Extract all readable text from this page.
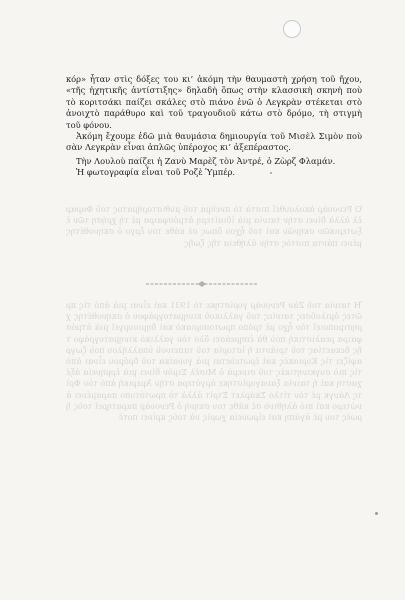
Ὁ Ρενουὰρ ἀκολουθεῖ πιστὰ τὸ πνεῦμα τοῦ μυθιστορήματος τοῦ Φαραρὲλ ἀλλὰ δίνει στὴν ταινία μιὰ ἰδιαίτερη ἀτμόσφαιρα μὲ τὴ χρήση τῶν ἐξωτερικῶν σκηνῶν καὶ τοῦ ἦχου ὅπως σὲ κάθε του ἔργο ὁ σκηνοθέτης μένει πάντα πιστὸς στὴν ἀλήθεια τῆς ζωῆς
Ἡ ταινία τοῦ Ζὰν Ρενουὰρ γυρίστηκε τὸ 1931 καὶ εἶναι μιὰ ἀπὸ τὶς πρῶτες ὁμιλοῦσες ταινίες τοῦ γαλλικοῦ κινηματογράφου ὁ σκηνοθέτης χρησιμοποιεῖ τὸν ἦχο μὲ τρόπο πρωτοποριακὸ καὶ δημιουργεῖ μιὰ ἀτμόσφαιρα ρεαλιστικὴ ποὺ θὰ ἐπηρεάσει ὅλο τὸν γαλλικὸ κινηματογράφο τῆς δεκαετίας τοῦ τριάντα ἡ ἱστορία τοῦ ταπεινοῦ ὑπαλλήλου ποὺ ζωγραφίζει τὶς Κυριακὲς καὶ ἐρωτεύεται μιὰ γυναίκα τοῦ δρόμου εἶναι ἀπὸ τὶς πιὸ συγκινητικὲς τοῦ σινεμὰ ὁ Μισὲλ Σιμὸν δίνει μιὰ ἑρμηνεία ἀξέχαστη καὶ ἡ ταινία ξαναγυρίστηκε ἀργότερα στὴν Ἀμερικὴ ἀπὸ τὸν Φρὶτς Λάνγκ μὲ τὸν τίτλο Σκάρλετ Στρὶτ ἀλλὰ τὸ πρωτότυπο παραμένει ἀνώτερο καὶ πιὸ ἀληθινὸ σὲ κάθε του σκηνὴ ὁ Ρενουὰρ παρατηρεῖ τοὺς ἥρωές του μὲ ἀγάπη καὶ εἰρωνεία χωρὶς νὰ τοὺς κρίνει ποτὲ

κόρ» ἦταν στὶς δόξες του κι’ ἀκόμη τὴν θαυμαστὴ χρήση τοῦ ἤχου, «τῆς ἠχητικῆς ἀντίστιξης» δηλαδὴ ὅπως στὴν κλασσικὴ σκηνὴ ποὺ τὸ κοριτσάκι παίζει σκάλες στὸ πιάνο ἐνῶ ὁ Λεγκρὰν στέκεται στὸ ἀνοιχτὸ παράθυρο καὶ τοῦ τραγουδιοῦ κάτω στὸ δρόμο, τὴ στιγμὴ τοῦ φόνου.

Ἀκόμη ἔχουμε ἐδῶ μιὰ θαυμάσια δημιουργία τοῦ Μισὲλ Σιμὸν ποὺ σὰν Λεγκρὰν εἶναι ἁπλῶς ὑπέροχος κι’ ἀξεπέραστος.

Τὴν Λουλοὺ παίζει ἡ Ζανὺ Μαρὲζ τὸν Ἀντρέ, ὁ Ζὼρζ Φλαμάν.

Ἡ φωτογραφία εἶναι τοῦ Ροζὲ Ὑμπέρ.
